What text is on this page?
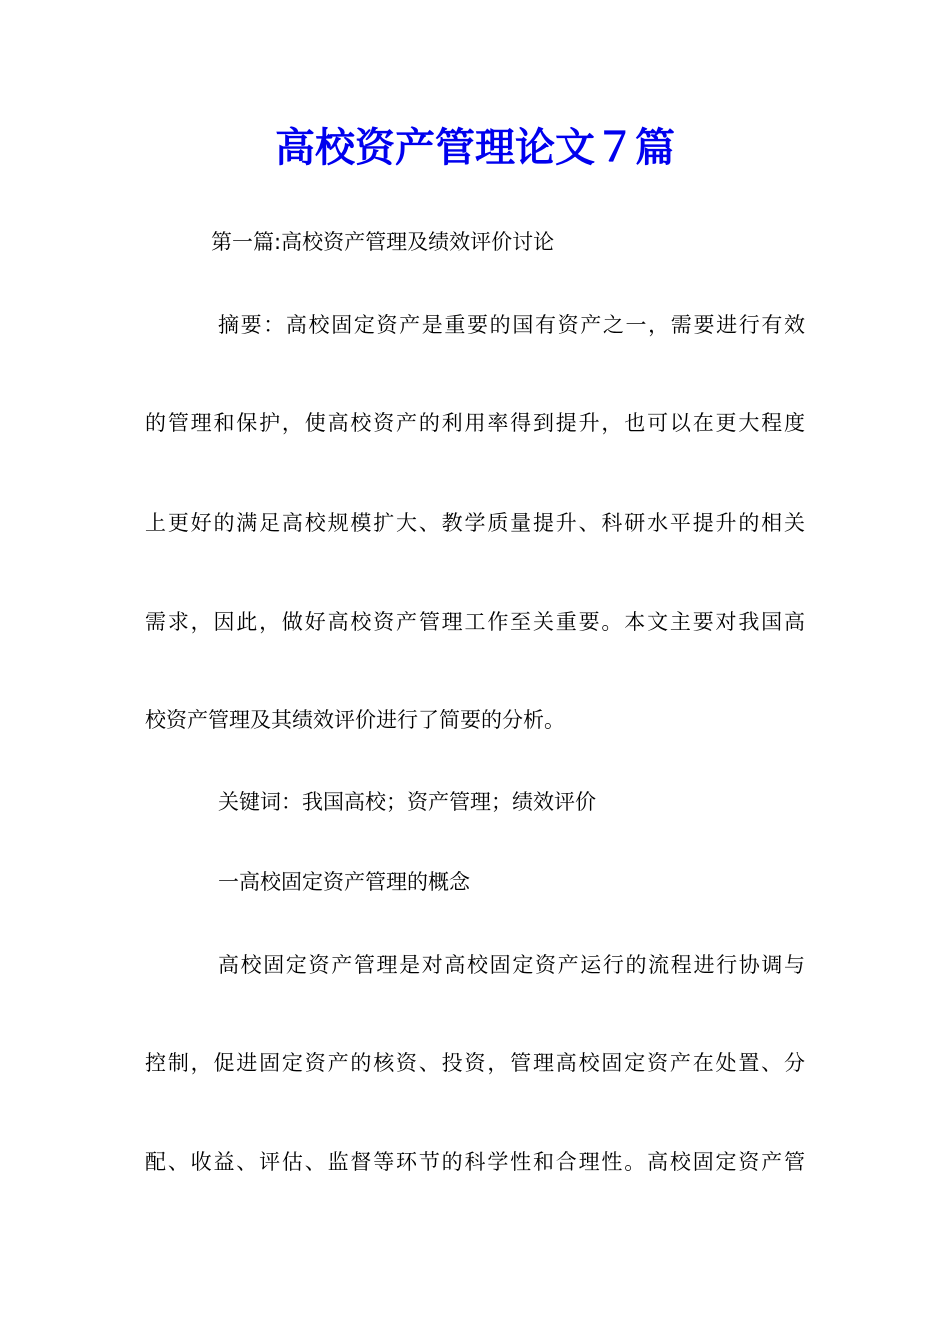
高校资产管理论文７篇
第一篇:高校资产管理及绩效评价讨论
摘要：高校固定资产是重要的国有资产之一，需要进行有效
的管理和保护，使高校资产的利用率得到提升，也可以在更大程度
上更好的满足高校规模扩大、教学质量提升、科研水平提升的相关
需求，因此，做好高校资产管理工作至关重要。本文主要对我国高
校资产管理及其绩效评价进行了简要的分析。
关键词：我国高校；资产管理；绩效评价
一高校固定资产管理的概念
高校固定资产管理是对高校固定资产运行的流程进行协调与
控制，促进固定资产的核资、投资，管理高校固定资产在处置、分
配、收益、评估、监督等环节的科学性和合理性。高校固定资产管
